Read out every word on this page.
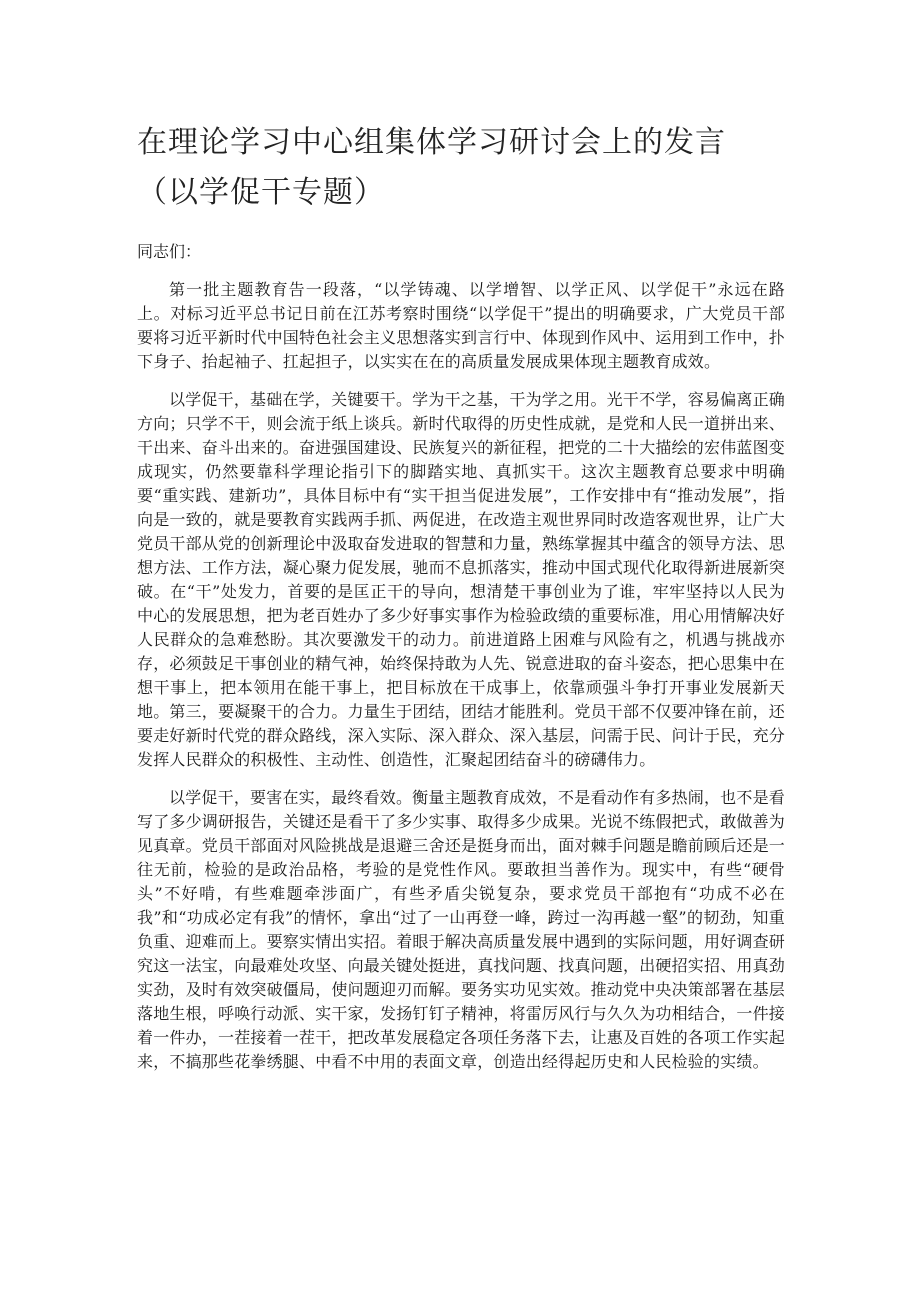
在理论学习中心组集体学习研讨会上的发言（以学促干专题）

同志们：

第一批主题教育告一段落，“以学铸魂、以学增智、以学正风、以学促干”永远在路上。对标习近平总书记日前在江苏考察时围绕“以学促干”提出的明确要求，广大党员干部要将习近平新时代中国特色社会主义思想落实到言行中、体现到作风中、运用到工作中，扑下身子、抬起袖子、扛起担子，以实实在在的高质量发展成果体现主题教育成效。

以学促干，基础在学，关键要干。学为干之基，干为学之用。光干不学，容易偏离正确方向；只学不干，则会流于纸上谈兵。新时代取得的历史性成就，是党和人民一道拼出来、干出来、奋斗出来的。奋进强国建设、民族复兴的新征程，把党的二十大描绘的宏伟蓝图变成现实，仍然要靠科学理论指引下的脚踏实地、真抓实干。这次主题教育总要求中明确要“重实践、建新功”，具体目标中有“实干担当促进发展”，工作安排中有“推动发展”，指向是一致的，就是要教育实践两手抓、两促进，在改造主观世界同时改造客观世界，让广大党员干部从党的创新理论中汲取奋发进取的智慧和力量，熟练掌握其中蕴含的领导方法、思想方法、工作方法，凝心聚力促发展，驰而不息抓落实，推动中国式现代化取得新进展新突破。在“干”处发力，首要的是匡正干的导向，想清楚干事创业为了谁，牢牢坚持以人民为中心的发展思想，把为老百姓办了多少好事实事作为检验政绩的重要标准，用心用情解决好人民群众的急难愁盼。其次要激发干的动力。前进道路上困难与风险有之，机遇与挑战亦存，必须鼓足干事创业的精气神，始终保持敢为人先、锐意进取的奋斗姿态，把心思集中在想干事上，把本领用在能干事上，把目标放在干成事上，依靠顽强斗争打开事业发展新天地。第三，要凝聚干的合力。力量生于团结，团结才能胜利。党员干部不仅要冲锋在前，还要走好新时代党的群众路线，深入实际、深入群众、深入基层，问需于民、问计于民，充分发挥人民群众的积极性、主动性、创造性，汇聚起团结奋斗的磅礴伟力。

以学促干，要害在实，最终看效。衡量主题教育成效，不是看动作有多热闹，也不是看写了多少调研报告，关键还是看干了多少实事、取得多少成果。光说不练假把式，敢做善为见真章。党员干部面对风险挑战是退避三舍还是挺身而出，面对棘手问题是瞻前顾后还是一往无前，检验的是政治品格，考验的是党性作风。要敢担当善作为。现实中，有些“硬骨头”不好啃，有些难题牵涉面广，有些矛盾尖锐复杂，要求党员干部抱有“功成不必在我”和“功成必定有我”的情怀，拿出“过了一山再登一峰，跨过一沟再越一壑”的韧劲，知重负重、迎难而上。要察实情出实招。着眼于解决高质量发展中遇到的实际问题，用好调查研究这一法宝，向最难处攻坚、向最关键处挺进，真找问题、找真问题，出硬招实招、用真劲实劲，及时有效突破僵局，使问题迎刃而解。要务实功见实效。推动党中央决策部署在基层落地生根，呼唤行动派、实干家，发扬钉钉子精神，将雷厉风行与久久为功相结合，一件接着一件办，一茬接着一茬干，把改革发展稳定各项任务落下去，让惠及百姓的各项工作实起来，不搞那些花拳绣腿、中看不中用的表面文章，创造出经得起历史和人民检验的实绩。
